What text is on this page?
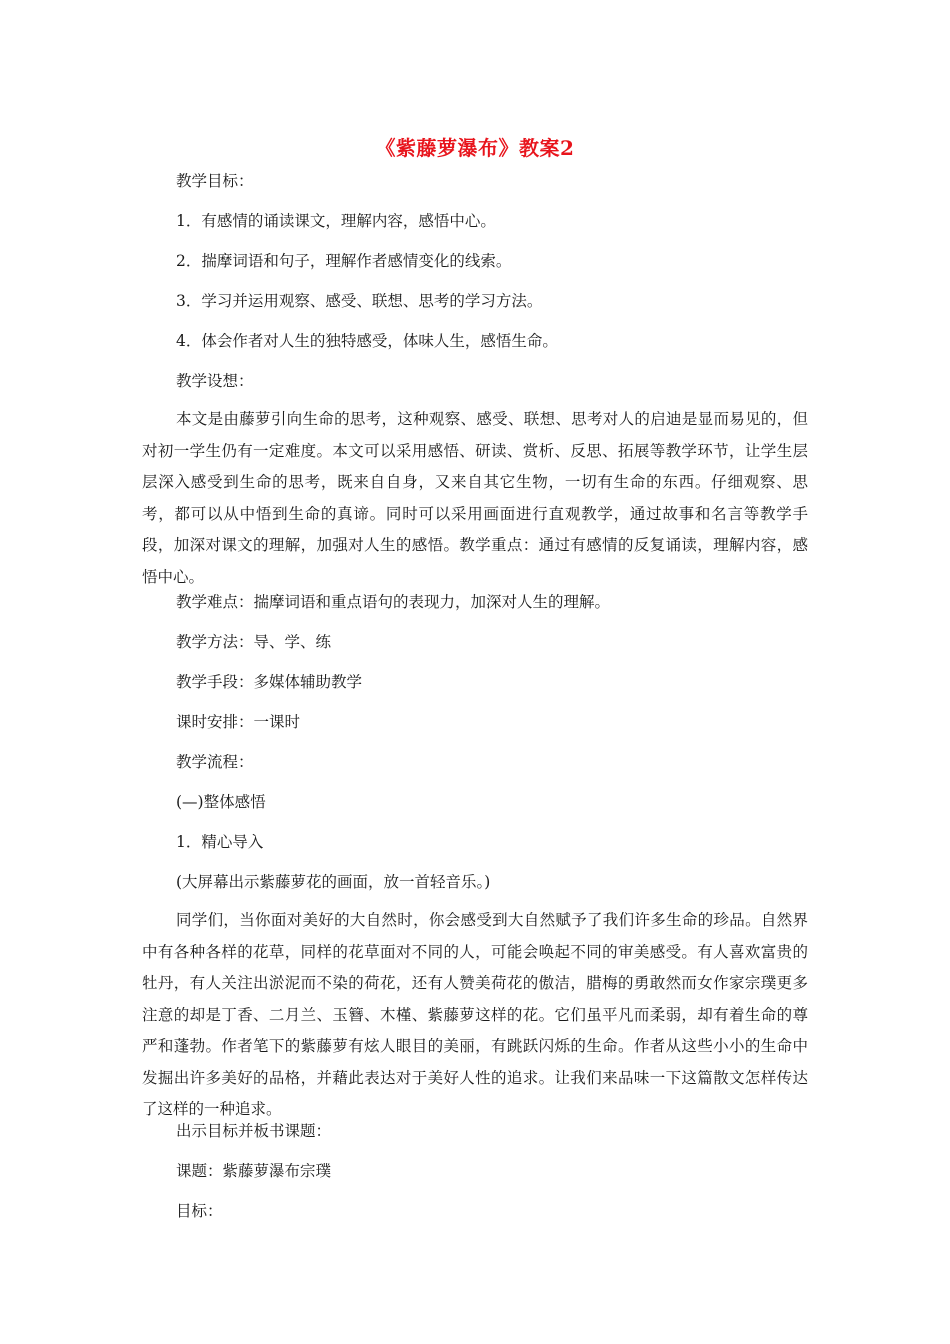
《紫藤萝瀑布》教案2
教学目标：
1．有感情的诵读课文，理解内容，感悟中心。
2．揣摩词语和句子，理解作者感情变化的线索。
3．学习并运用观察、感受、联想、思考的学习方法。
4．体会作者对人生的独特感受，体味人生，感悟生命。
教学设想：

本文是由藤萝引向生命的思考，这种观察、感受、联想、思考对人的启迪是显而易见的，但对初一学生仍有一定难度。本文可以采用感悟、研读、赏析、反思、拓展等教学环节，让学生层层深入感受到生命的思考，既来自自身，又来自其它生物，一切有生命的东西。仔细观察、思考，都可以从中悟到生命的真谛。同时可以采用画面进行直观教学，通过故事和名言等教学手段，加深对课文的理解，加强对人生的感悟。教学重点：通过有感情的反复诵读，理解内容，感悟中心。

教学难点：揣摩词语和重点语句的表现力，加深对人生的理解。
教学方法：导、学、练
教学手段：多媒体辅助教学
课时安排：一课时
教学流程：
(—)整体感悟
1．精心导入
(大屏幕出示紫藤萝花的画面，放一首轻音乐。)

同学们，当你面对美好的大自然时，你会感受到大自然赋予了我们许多生命的珍品。自然界中有各种各样的花草，同样的花草面对不同的人，可能会唤起不同的审美感受。有人喜欢富贵的牡丹，有人关注出淤泥而不染的荷花，还有人赞美荷花的傲洁，腊梅的勇敢然而女作家宗璞更多注意的却是丁香、二月兰、玉簪、木槿、紫藤萝这样的花。它们虽平凡而柔弱，却有着生命的尊严和蓬勃。作者笔下的紫藤萝有炫人眼目的美丽，有跳跃闪烁的生命。作者从这些小小的生命中发掘出许多美好的品格，并藉此表达对于美好人性的追求。让我们来品味一下这篇散文怎样传达了这样的一种追求。

出示目标并板书课题：
课题：紫藤萝瀑布宗璞
目标：
